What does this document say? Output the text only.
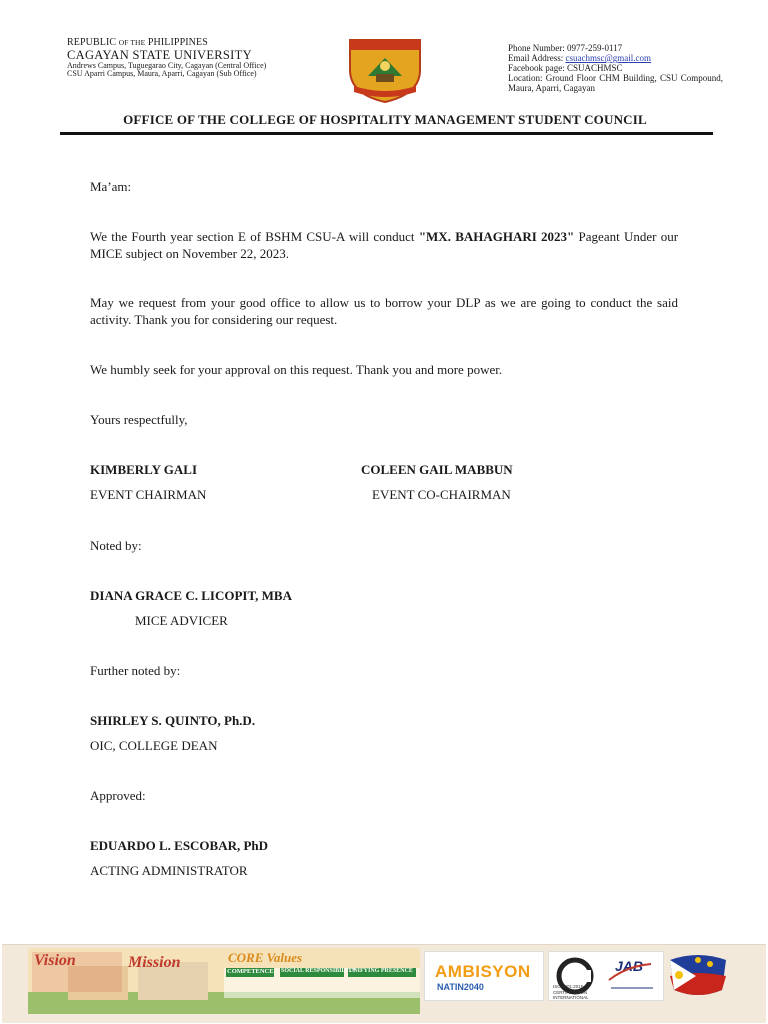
REPUBLIC OF THE PHILIPPINES
CAGAYAN STATE UNIVERSITY
Andrews Campus, Tuguegarao City, Cagayan (Central Office)
CSU Aparri Campus, Maura, Aparri, Cagayan (Sub Office)
Phone Number: 0977-259-0117
Email Address: csuachmsc@gmail.com
Facebook page: CSUACHMSC
Location: Ground Floor CHM Building, CSU Compound, Maura, Aparri, Cagayan
OFFICE OF THE COLLEGE OF HOSPITALITY MANAGEMENT STUDENT COUNCIL
Ma’am:
We the Fourth year section E of BSHM CSU-A will conduct "MX. BAHAGHARI 2023" Pageant Under our MICE subject on November 22, 2023.
May we request from your good office to allow us to borrow your DLP as we are going to conduct the said activity. Thank you for considering our request.
We humbly seek for your approval on this request. Thank you and more power.
Yours respectfully,
KIMBERLY GALI
EVENT CHAIRMAN
COLEEN GAIL MABBUN
EVENT CO-CHAIRMAN
Noted by:
DIANA GRACE C. LICOPIT, MBA
MICE ADVICER
Further noted by:
SHIRLEY S. QUINTO, Ph.D.
OIC, COLLEGE DEAN
Approved:
EDUARDO L. ESCOBAR, PhD
ACTING ADMINISTRATOR
Vision	Mission	CORE Values
COMPETENCE SOCIAL RESPONSIBILITY
UNIFYING PRESENCE AMBISYON
NATIN2040
CERTIFICATION INTERNATIONAL
ISO 9001:2015
JAB
